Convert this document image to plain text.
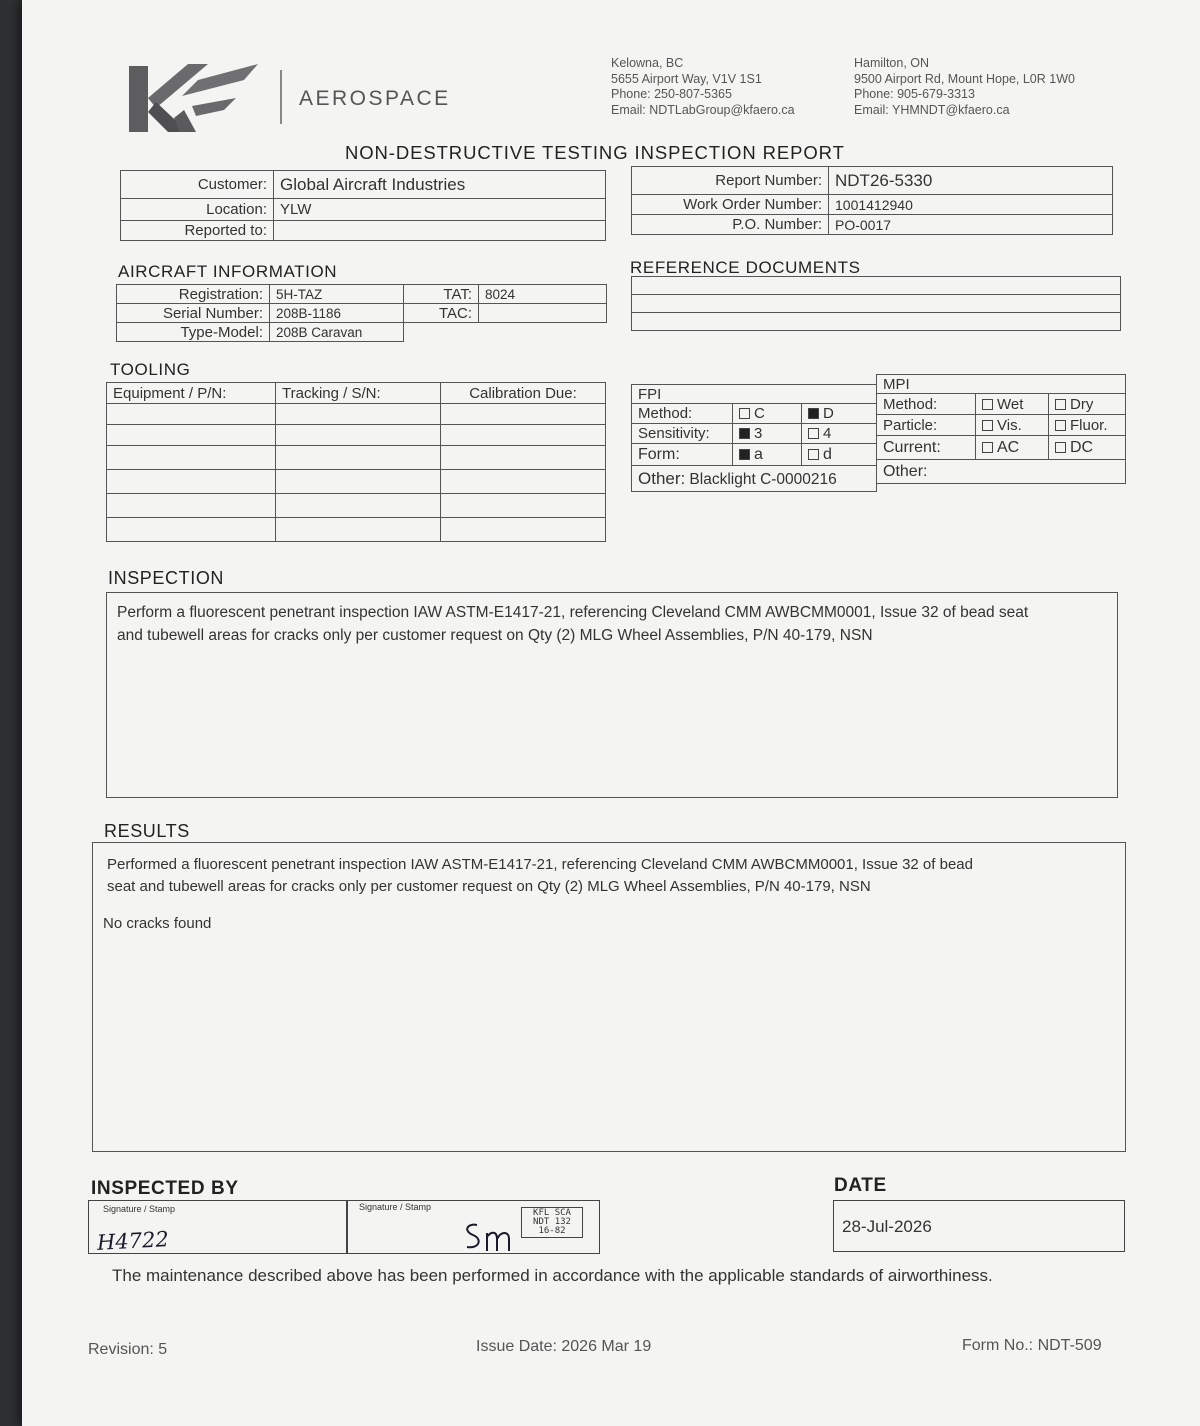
AEROSPACE
Kelowna, BC
5655 Airport Way, V1V 1S1
Phone: 250-807-5365
Email: NDTLabGroup@kfaero.ca
Hamilton, ON
9500 Airport Rd, Mount Hope, L0R 1W0
Phone: 905-679-3313
Email: YHMNDT@kfaero.ca
NON-DESTRUCTIVE TESTING INSPECTION REPORT
Customer:	Global Aircraft Industries
Location:	YLW
Reported to:	
Report Number:	NDT26-5330
Work Order Number:	1001412940
P.O. Number:	PO-0017
AIRCRAFT INFORMATION
Registration:	5H-TAZ
Serial Number:	208B-1186
Type-Model:	208B Caravan
TAT:	8024
TAC:	
REFERENCE DOCUMENTS

TOOLING
Equipment / P/N:	Tracking / S/N:	Calibration Due:

			FPI		
Method:	C	D
Sensitivity:	3	4
Form:	a	d
Other: Blacklight C-0000216		
MPI		
Method:	Wet	Dry
Particle:	Vis.	Fluor.
Current:	AC	DC
Other:		
INSPECTION
Perform a fluorescent penetrant inspection IAW ASTM-E1417-21, referencing Cleveland CMM AWBCMM0001, Issue 32 of bead seat
and tubewell areas for cracks only per customer request on Qty (2) MLG Wheel Assemblies, P/N 40-179, NSN
RESULTS
Performed a fluorescent penetrant inspection IAW ASTM-E1417-21, referencing Cleveland CMM AWBCMM0001, Issue 32 of bead
seat and tubewell areas for cracks only per customer request on Qty (2) MLG Wheel Assemblies, P/N 40-179, NSN
No cracks found
INSPECTED BY
Signature / Stamp	Signature / Stamp
H4722
KFL SCA
NDT 132
16-82
DATE
28-Jul-2026
The maintenance described above has been performed in accordance with the applicable standards of airworthiness.
Revision: 5	Issue Date: 2026 Mar 19	Form No.: NDT-509
